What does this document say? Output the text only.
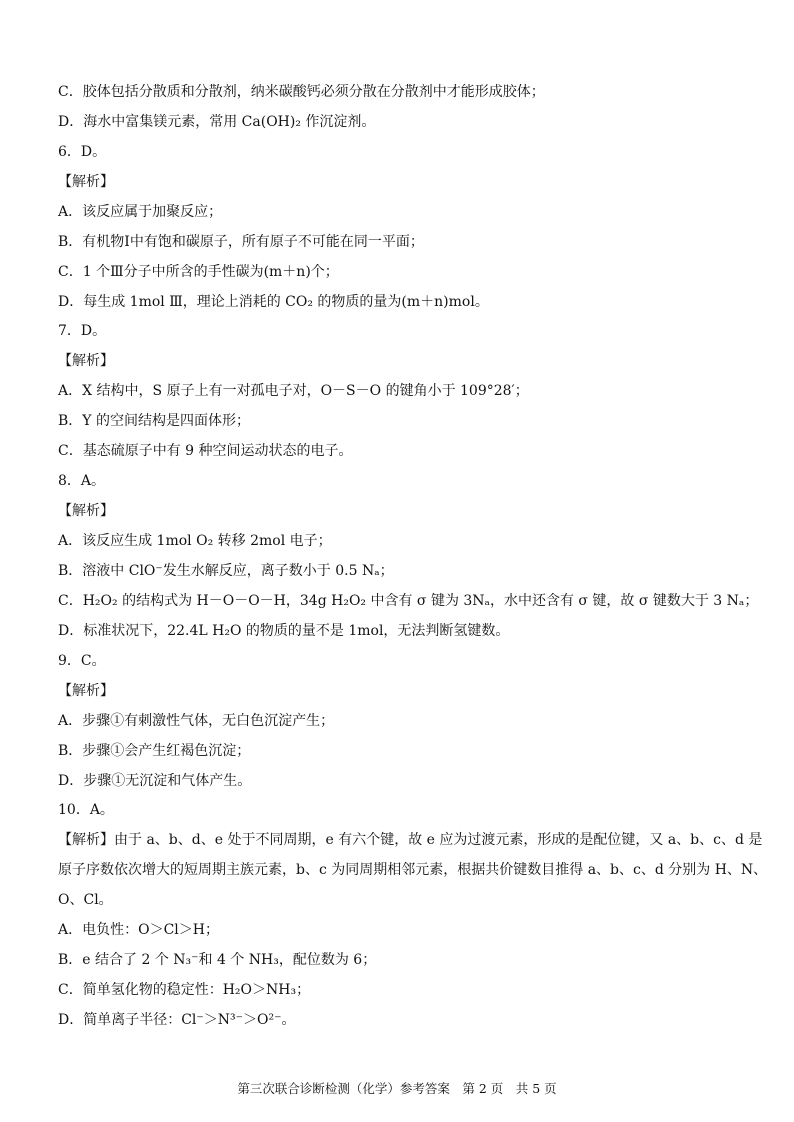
C．胶体包括分散质和分散剂，纳米碳酸钙必须分散在分散剂中才能形成胶体；
D．海水中富集镁元素，常用 Ca(OH)₂ 作沉淀剂。
6．D。
【解析】
A．该反应属于加聚反应；
B．有机物Ⅰ中有饱和碳原子，所有原子不可能在同一平面；
C．1 个Ⅲ分子中所含的手性碳为(m＋n)个；
D．每生成 1mol Ⅲ，理论上消耗的 CO₂ 的物质的量为(m＋n)mol。
7．D。
【解析】
A．X 结构中，S 原子上有一对孤电子对，O－S－O 的键角小于 109°28′；
B．Y 的空间结构是四面体形；
C．基态硫原子中有 9 种空间运动状态的电子。
8．A。
【解析】
A．该反应生成 1mol O₂ 转移 2mol 电子；
B．溶液中 ClO⁻发生水解反应，离子数小于 0.5 Nₐ；
C．H₂O₂ 的结构式为 H－O－O－H，34g H₂O₂ 中含有 σ 键为 3Nₐ，水中还含有 σ 键，故 σ 键数大于 3 Nₐ；
D．标准状况下，22.4L H₂O 的物质的量不是 1mol，无法判断氢键数。
9．C。
【解析】
A．步骤①有刺激性气体，无白色沉淀产生；
B．步骤①会产生红褐色沉淀；
D．步骤①无沉淀和气体产生。
10．A。
【解析】由于 a、b、d、e 处于不同周期，e 有六个键，故 e 应为过渡元素，形成的是配位键，又 a、b、c、d 是
原子序数依次增大的短周期主族元素，b、c 为同周期相邻元素，根据共价键数目推得 a、b、c、d 分别为 H、N、
O、Cl。
A．电负性：O＞Cl＞H；
B．e 结合了 2 个 N₃⁻和 4 个 NH₃，配位数为 6；
C．简单氢化物的稳定性：H₂O＞NH₃；
D．简单离子半径：Cl⁻＞N³⁻＞O²⁻。
第三次联合诊断检测（化学）参考答案　第 2 页　共 5 页
